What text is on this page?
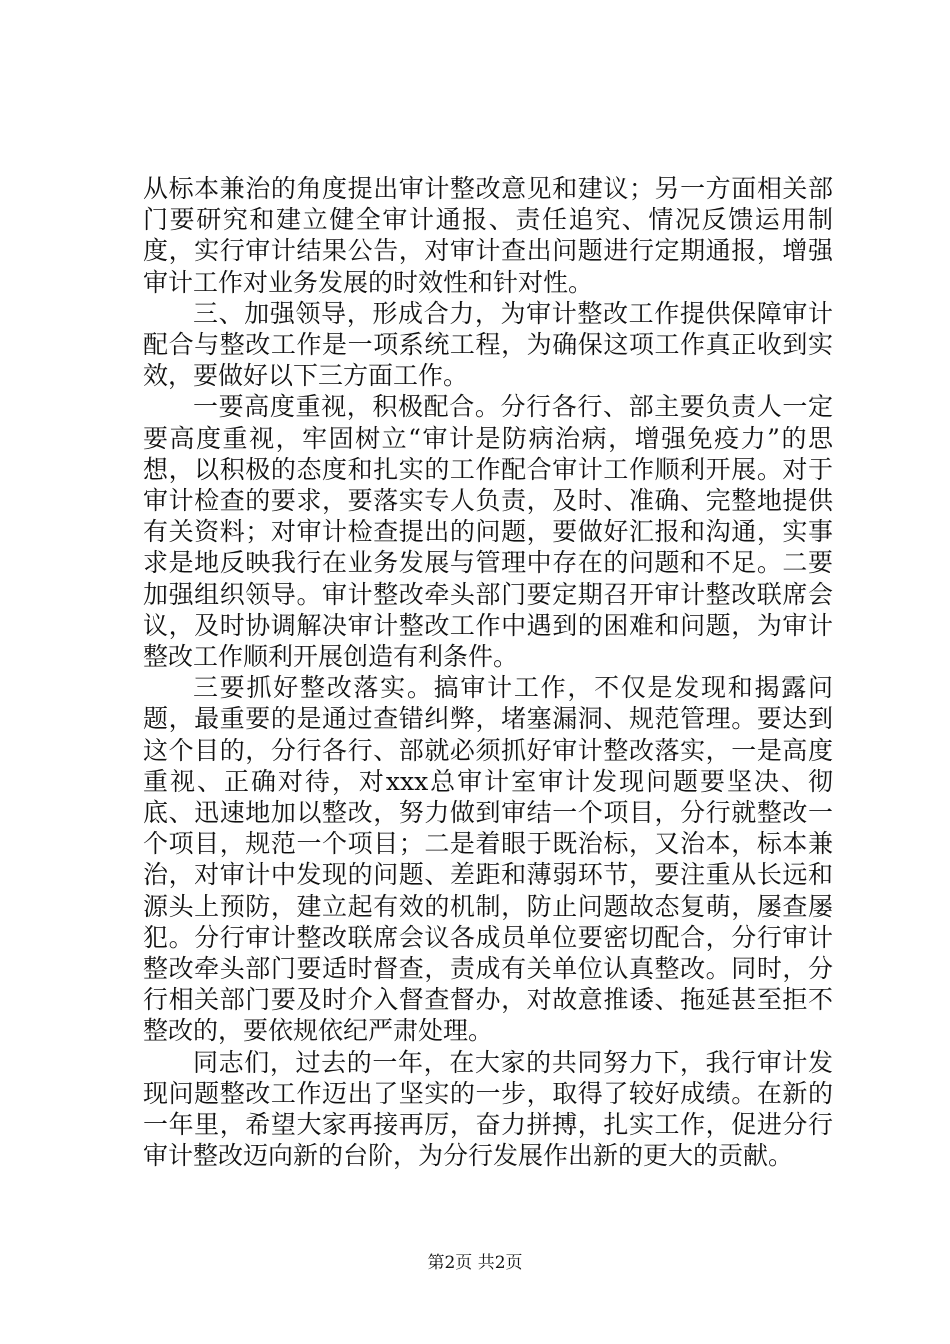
从标本兼治的角度提出审计整改意见和建议；另一方面相关部门要研究和建立健全审计通报、责任追究、情况反馈运用制度，实行审计结果公告，对审计查出问题进行定期通报，增强审计工作对业务发展的时效性和针对性。

三、加强领导，形成合力，为审计整改工作提供保障审计配合与整改工作是一项系统工程，为确保这项工作真正收到实效，要做好以下三方面工作。

一要高度重视，积极配合。分行各行、部主要负责人一定要高度重视，牢固树立“审计是防病治病，增强免疫力”的思想，以积极的态度和扎实的工作配合审计工作顺利开展。对于审计检查的要求，要落实专人负责，及时、准确、完整地提供有关资料；对审计检查提出的问题，要做好汇报和沟通，实事求是地反映我行在业务发展与管理中存在的问题和不足。二要加强组织领导。审计整改牵头部门要定期召开审计整改联席会议，及时协调解决审计整改工作中遇到的困难和问题，为审计整改工作顺利开展创造有利条件。

三要抓好整改落实。搞审计工作，不仅是发现和揭露问题，最重要的是通过查错纠弊，堵塞漏洞、规范管理。要达到这个目的，分行各行、部就必须抓好审计整改落实，一是高度重视、正确对待，对xxx总审计室审计发现问题要坚决、彻底、迅速地加以整改，努力做到审结一个项目，分行就整改一个项目，规范一个项目；二是着眼于既治标，又治本，标本兼治，对审计中发现的问题、差距和薄弱环节，要注重从长远和源头上预防，建立起有效的机制，防止问题故态复萌，屡查屡犯。分行审计整改联席会议各成员单位要密切配合，分行审计整改牵头部门要适时督查，责成有关单位认真整改。同时，分行相关部门要及时介入督查督办，对故意推诿、拖延甚至拒不整改的，要依规依纪严肃处理。

同志们，过去的一年，在大家的共同努力下，我行审计发现问题整改工作迈出了坚实的一步，取得了较好成绩。在新的一年里，希望大家再接再厉，奋力拼搏，扎实工作，促进分行审计整改迈向新的台阶，为分行发展作出新的更大的贡献。

第2页 共2页
